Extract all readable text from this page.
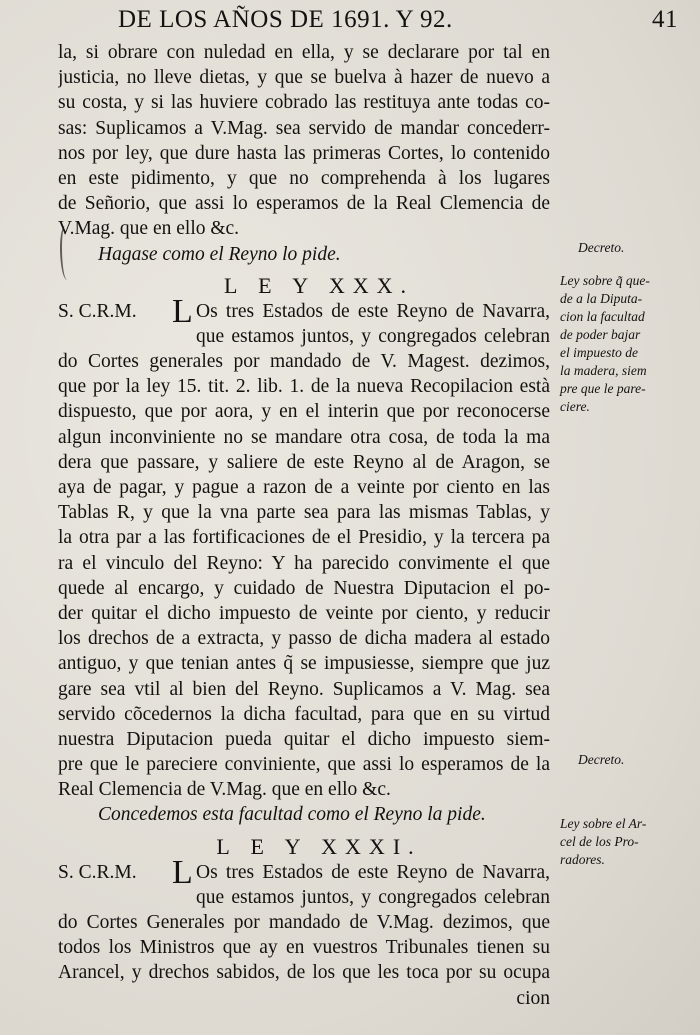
DE LOS AÑOS DE 1691. Y 92.	41
la, si obrare con nuledad en ella, y se declarare por tal en
justicia, no lleve dietas, y que se buelva à hazer de nuevo a
su costa, y si las huviere cobrado las restituya ante todas co-
sas: Suplicamos a V.Mag. sea servido de mandar concederr-
nos por ley, que dure hasta las primeras Cortes, lo contenido
en este pidimento, y que no comprehenda à los lugares
de Señorio, que assi lo esperamos de la Real Clemencia de
V.Mag. que en ello &c.
Hagase como el Reyno lo pide.
L E Y XXX.
S. C.R.M. L Os tres Estados de este Reyno de Navarra,
que estamos juntos, y congregados celebran
do Cortes generales por mandado de V. Magest. dezimos,
que por la ley 15. tit. 2. lib. 1. de la nueva Recopilacion està
dispuesto, que por aora, y en el interin que por reconocerse
algun inconviniente no se mandare otra cosa, de toda la ma
dera que passare, y saliere de este Reyno al de Aragon, se
aya de pagar, y pague a razon de a veinte por ciento en las
Tablas R, y que la vna parte sea para las mismas Tablas, y
la otra par a las fortificaciones de el Presidio, y la tercera pa
ra el vinculo del Reyno: Y ha parecido convimente el que
quede al encargo, y cuidado de Nuestra Diputacion el po-
der quitar el dicho impuesto de veinte por ciento, y reducir
los drechos de a extracta, y passo de dicha madera al estado
antiguo, y que tenian antes q̃ se impusiesse, siempre que juz
gare sea vtil al bien del Reyno. Suplicamos a V. Mag. sea
servido cõcedernos la dicha facultad, para que en su virtud
nuestra Diputacion pueda quitar el dicho impuesto siem-
pre que le pareciere conviniente, que assi lo esperamos de la
Real Clemencia de V.Mag. que en ello &c.
Concedemos esta facultad como el Reyno la pide.
L E Y XXXI.
S. C.R.M. L Os tres Estados de este Reyno de Navarra,
que estamos juntos, y congregados celebran
do Cortes Generales por mandado de V.Mag. dezimos, que
todos los Ministros que ay en vuestros Tribunales tienen su
Arancel, y drechos sabidos, de los que les toca por su ocupa
cion
Decreto.
Ley sobre q̃ que-
de a la Diputa-
cion la facultad
de poder bajar
el impuesto de
la madera, siem
pre que le pare-
ciere.
Decreto.
Ley sobre el Ar-
cel de los Pro-
radores.
